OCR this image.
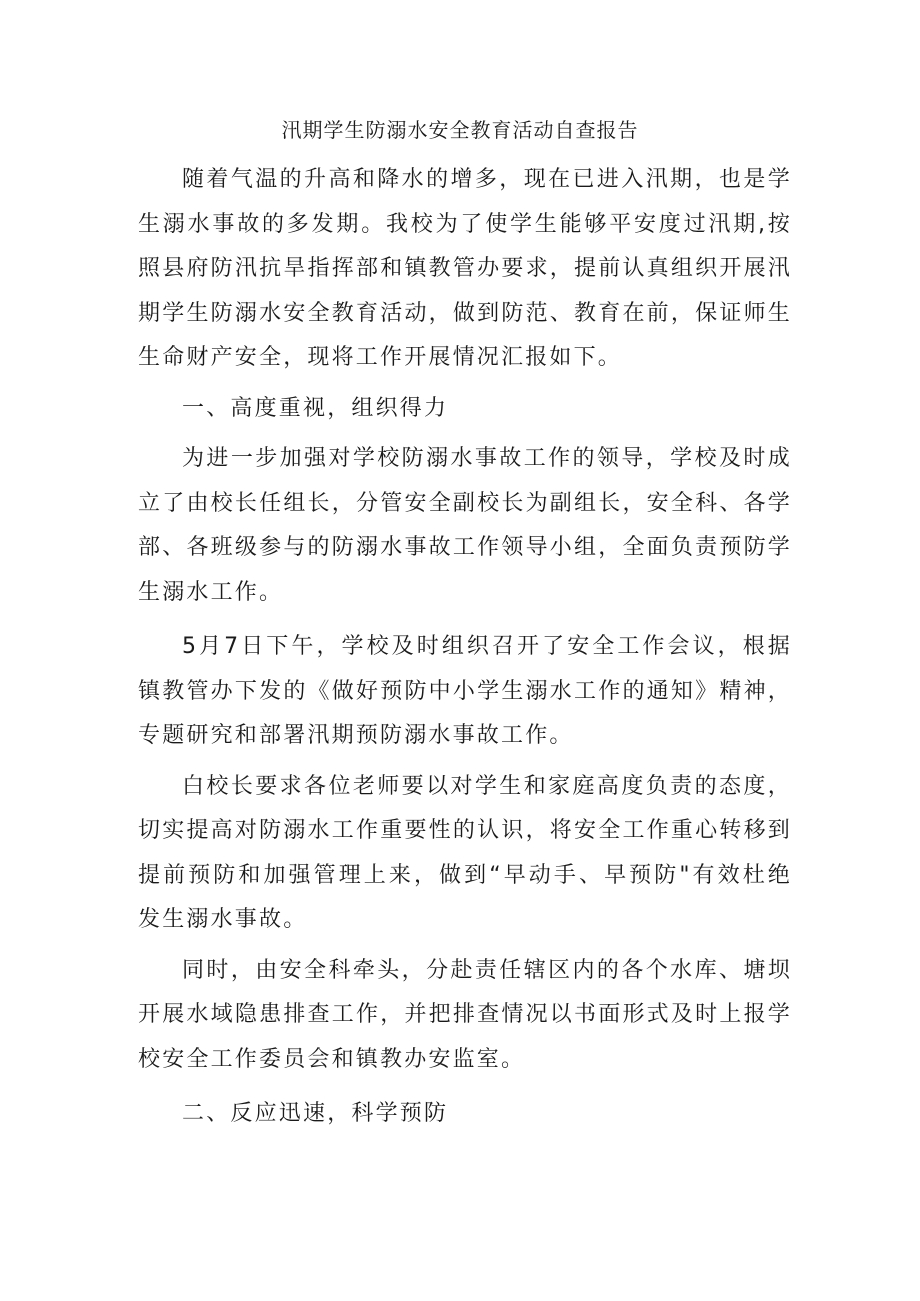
汛期学生防溺水安全教育活动自查报告

随着气温的升高和降水的增多，现在已进入汛期，也是学生溺水事故的多发期。我校为了使学生能够平安度过汛期,按照县府防汛抗旱指挥部和镇教管办要求，提前认真组织开展汛期学生防溺水安全教育活动，做到防范、教育在前，保证师生生命财产安全，现将工作开展情况汇报如下。

一、高度重视，组织得力

为进一步加强对学校防溺水事故工作的领导，学校及时成立了由校长任组长，分管安全副校长为副组长，安全科、各学部、各班级参与的防溺水事故工作领导小组，全面负责预防学生溺水工作。

5月7日下午，学校及时组织召开了安全工作会议，根据镇教管办下发的《做好预防中小学生溺水工作的通知》精神，专题研究和部署汛期预防溺水事故工作。

白校长要求各位老师要以对学生和家庭高度负责的态度，切实提高对防溺水工作重要性的认识，将安全工作重心转移到提前预防和加强管理上来，做到“早动手、早预防"有效杜绝发生溺水事故。

同时，由安全科牵头，分赴责任辖区内的各个水库、塘坝开展水域隐患排查工作，并把排查情况以书面形式及时上报学校安全工作委员会和镇教办安监室。

二、反应迅速，科学预防
